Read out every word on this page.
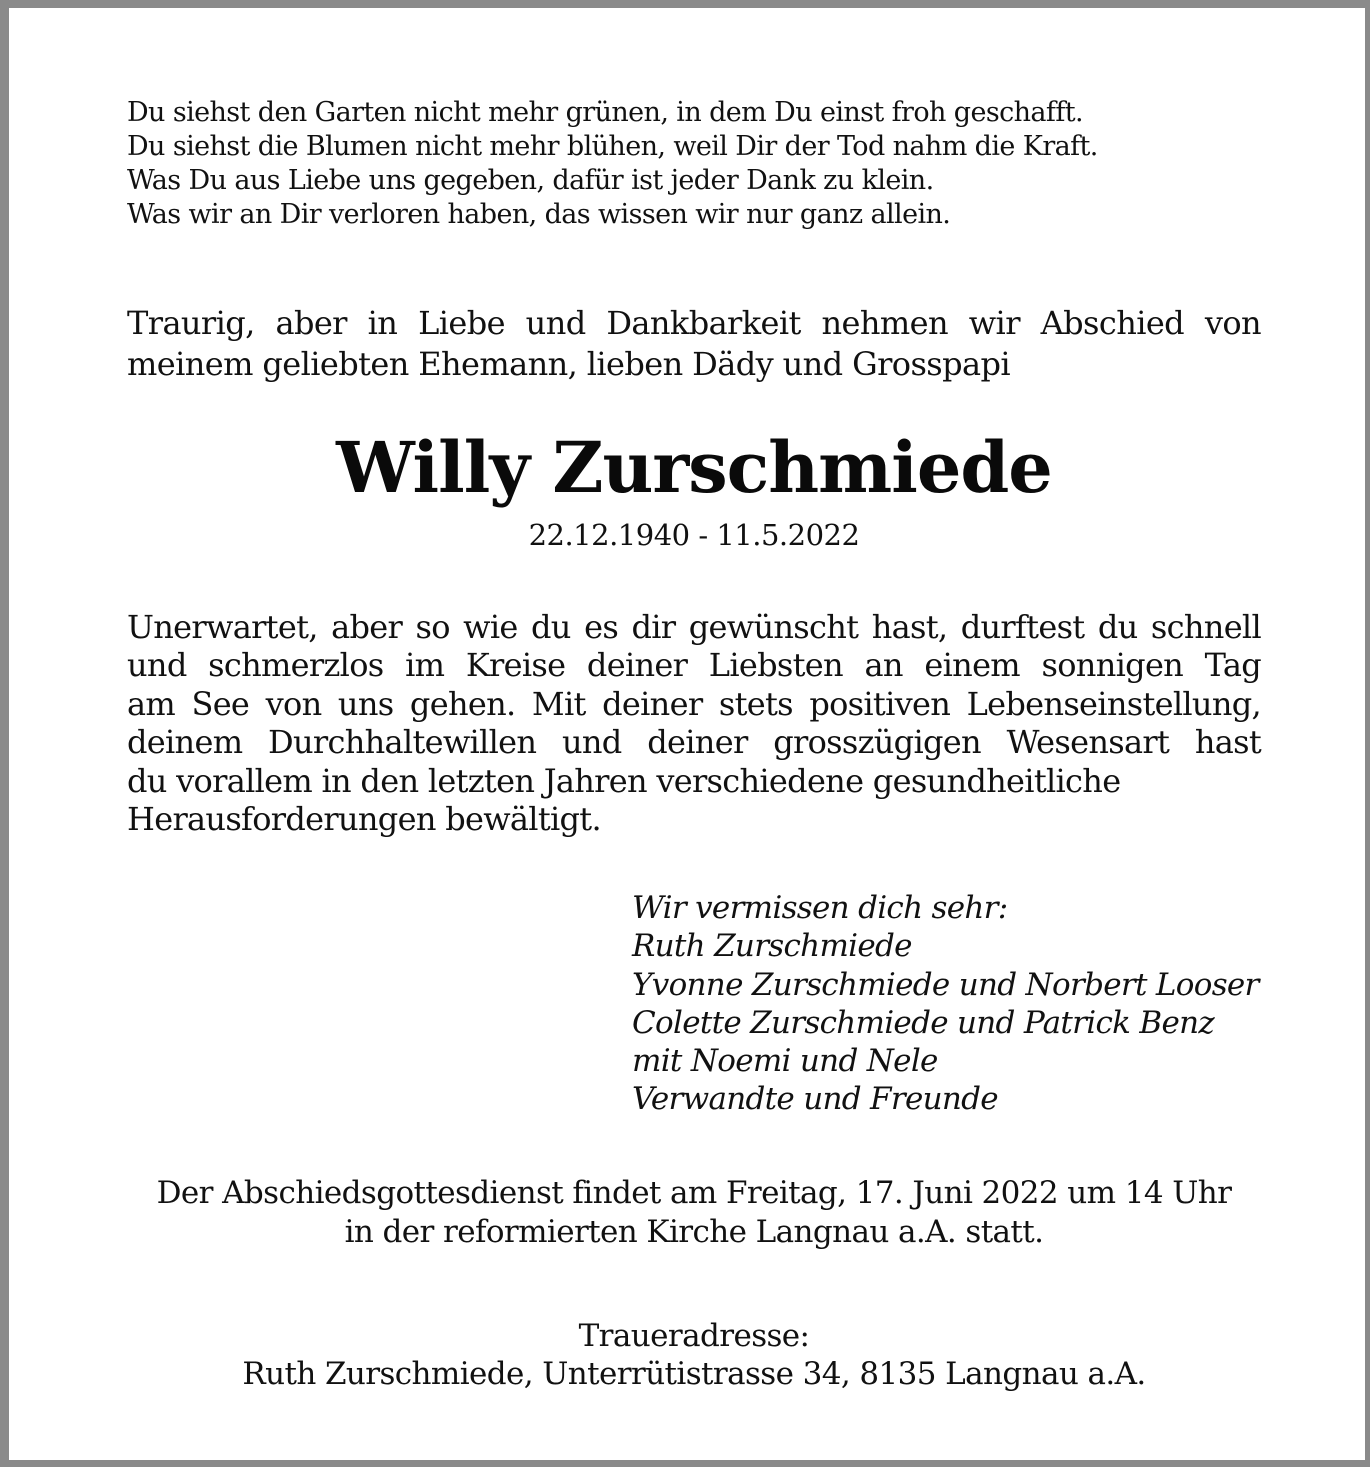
Du siehst den Garten nicht mehr grünen, in dem Du einst froh geschafft.
Du siehst die Blumen nicht mehr blühen, weil Dir der Tod nahm die Kraft.
Was Du aus Liebe uns gegeben, dafür ist jeder Dank zu klein.
Was wir an Dir verloren haben, das wissen wir nur ganz allein.
Traurig, aber in Liebe und Dankbarkeit nehmen wir Abschied von meinem geliebten Ehemann, lieben Dädy und Grosspapi
Willy Zurschmiede
22.12.1940 - 11.5.2022
Unerwartet, aber so wie du es dir gewünscht hast, durftest du schnell
und schmerzlos im Kreise deiner Liebsten an einem sonnigen Tag
am See von uns gehen. Mit deiner stets positiven Lebenseinstellung,
deinem Durchhaltewillen und deiner grosszügigen Wesensart hast
du vorallem in den letzten Jahren verschiedene gesundheitliche
Herausforderungen bewältigt.
Wir vermissen dich sehr:
Ruth Zurschmiede
Yvonne Zurschmiede und Norbert Looser
Colette Zurschmiede und Patrick Benz
mit Noemi und Nele
Verwandte und Freunde
Der Abschiedsgottesdienst findet am Freitag, 17. Juni 2022 um 14 Uhr
in der reformierten Kirche Langnau a.A. statt.
Traueradresse:
Ruth Zurschmiede, Unterrütistrasse 34, 8135 Langnau a.A.
